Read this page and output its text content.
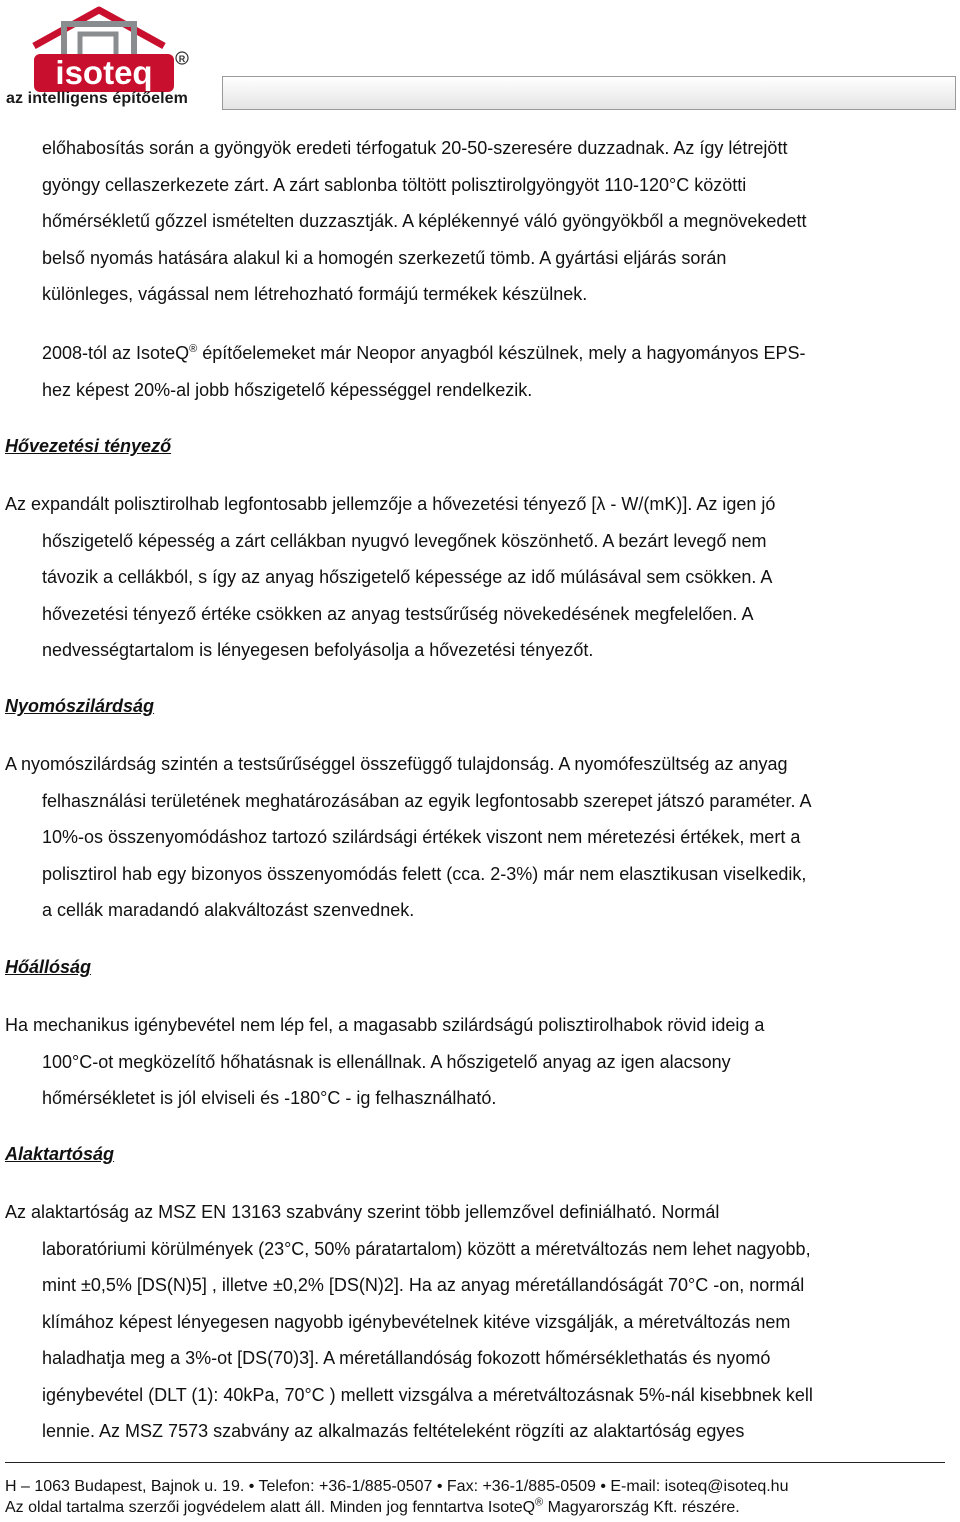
isoteq	R
az intelligens építőelem
előhabosítás során a gyöngyök eredeti térfogatuk 20-50-szeresére duzzadnak. Az így létrejött
gyöngy cellaszerkezete zárt. A zárt sablonba töltött polisztirolgyöngyöt 110-120°C közötti
hőmérsékletű gőzzel ismételten duzzasztják. A képlékennyé váló gyöngyökből a megnövekedett
belső nyomás hatására alakul ki a homogén szerkezetű tömb. A gyártási eljárás során
különleges, vágással nem létrehozható formájú termékek készülnek.
2008-tól az IsoteQ® építőelemeket már Neopor anyagból készülnek, mely a hagyományos EPS-
hez képest 20%-al jobb hőszigetelő képességgel rendelkezik.
Hővezetési tényező
Az expandált polisztirolhab legfontosabb jellemzője a hővezetési tényező [λ - W/(mK)]. Az igen jó
hőszigetelő képesség a zárt cellákban nyugvó levegőnek köszönhető. A bezárt levegő nem
távozik a cellákból, s így az anyag hőszigetelő képessége az idő múlásával sem csökken. A
hővezetési tényező értéke csökken az anyag testsűrűség növekedésének megfelelően. A
nedvességtartalom is lényegesen befolyásolja a hővezetési tényezőt.
Nyomószilárdság
A nyomószilárdság szintén a testsűrűséggel összefüggő tulajdonság. A nyomófeszültség az anyag
felhasználási területének meghatározásában az egyik legfontosabb szerepet játszó paraméter. A
10%-os összenyomódáshoz tartozó szilárdsági értékek viszont nem méretezési értékek, mert a
polisztirol hab egy bizonyos összenyomódás felett (cca. 2-3%) már nem elasztikusan viselkedik,
a cellák maradandó alakváltozást szenvednek.
Hőállóság
Ha mechanikus igénybevétel nem lép fel, a magasabb szilárdságú polisztirolhabok rövid ideig a
100°C-ot megközelítő hőhatásnak is ellenállnak. A hőszigetelő anyag az igen alacsony
hőmérsékletet is jól elviseli és -180°C - ig felhasználható.
Alaktartóság
Az alaktartóság az MSZ EN 13163 szabvány szerint több jellemzővel definiálható. Normál
laboratóriumi körülmények (23°C, 50% páratartalom) között a méretváltozás nem lehet nagyobb,
mint ±0,5% [DS(N)5] , illetve ±0,2% [DS(N)2]. Ha az anyag méretállandóságát 70°C -on, normál
klímához képest lényegesen nagyobb igénybevételnek kitéve vizsgálják, a méretváltozás nem
haladhatja meg a 3%-ot [DS(70)3]. A méretállandóság fokozott hőmérséklethatás és nyomó
igénybevétel (DLT (1): 40kPa, 70°C ) mellett vizsgálva a méretváltozásnak 5%-nál kisebbnek kell
lennie. Az MSZ 7573 szabvány az alkalmazás feltételeként rögzíti az alaktartóság egyes
H – 1063 Budapest, Bajnok u. 19. • Telefon: +36-1/885-0507 • Fax: +36-1/885-0509 • E-mail: isoteq@isoteq.hu
Az oldal tartalma szerzői jogvédelem alatt áll. Minden jog fenntartva IsoteQ® Magyarország Kft. részére.
